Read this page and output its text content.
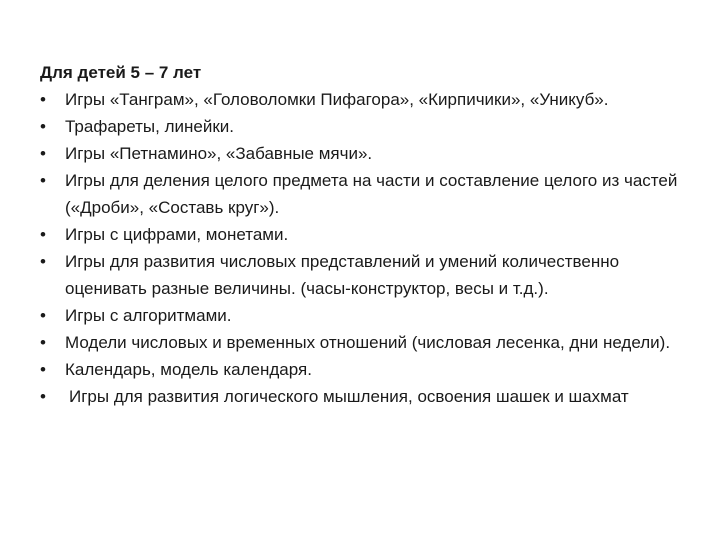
Для детей 5 – 7 лет
•	Игры «Танграм», «Головоломки Пифагора», «Кирпичики», «Уникуб».
•	Трафареты, линейки.
•	Игры «Петнамино», «Забавные мячи».
•	Игры для деления целого предмета на части и составление целого из частей («Дроби», «Составь круг»).
•	Игры с цифрами, монетами.
•	Игры для развития числовых представлений и умений количественно оценивать разные величины. (часы-конструктор, весы и т.д.).
•	Игры с алгоритмами.
•	Модели числовых и временных отношений (числовая лесенка, дни недели).
•	Календарь, модель календаря.
•	Игры для развития логического мышления, освоения шашек и шахмат
